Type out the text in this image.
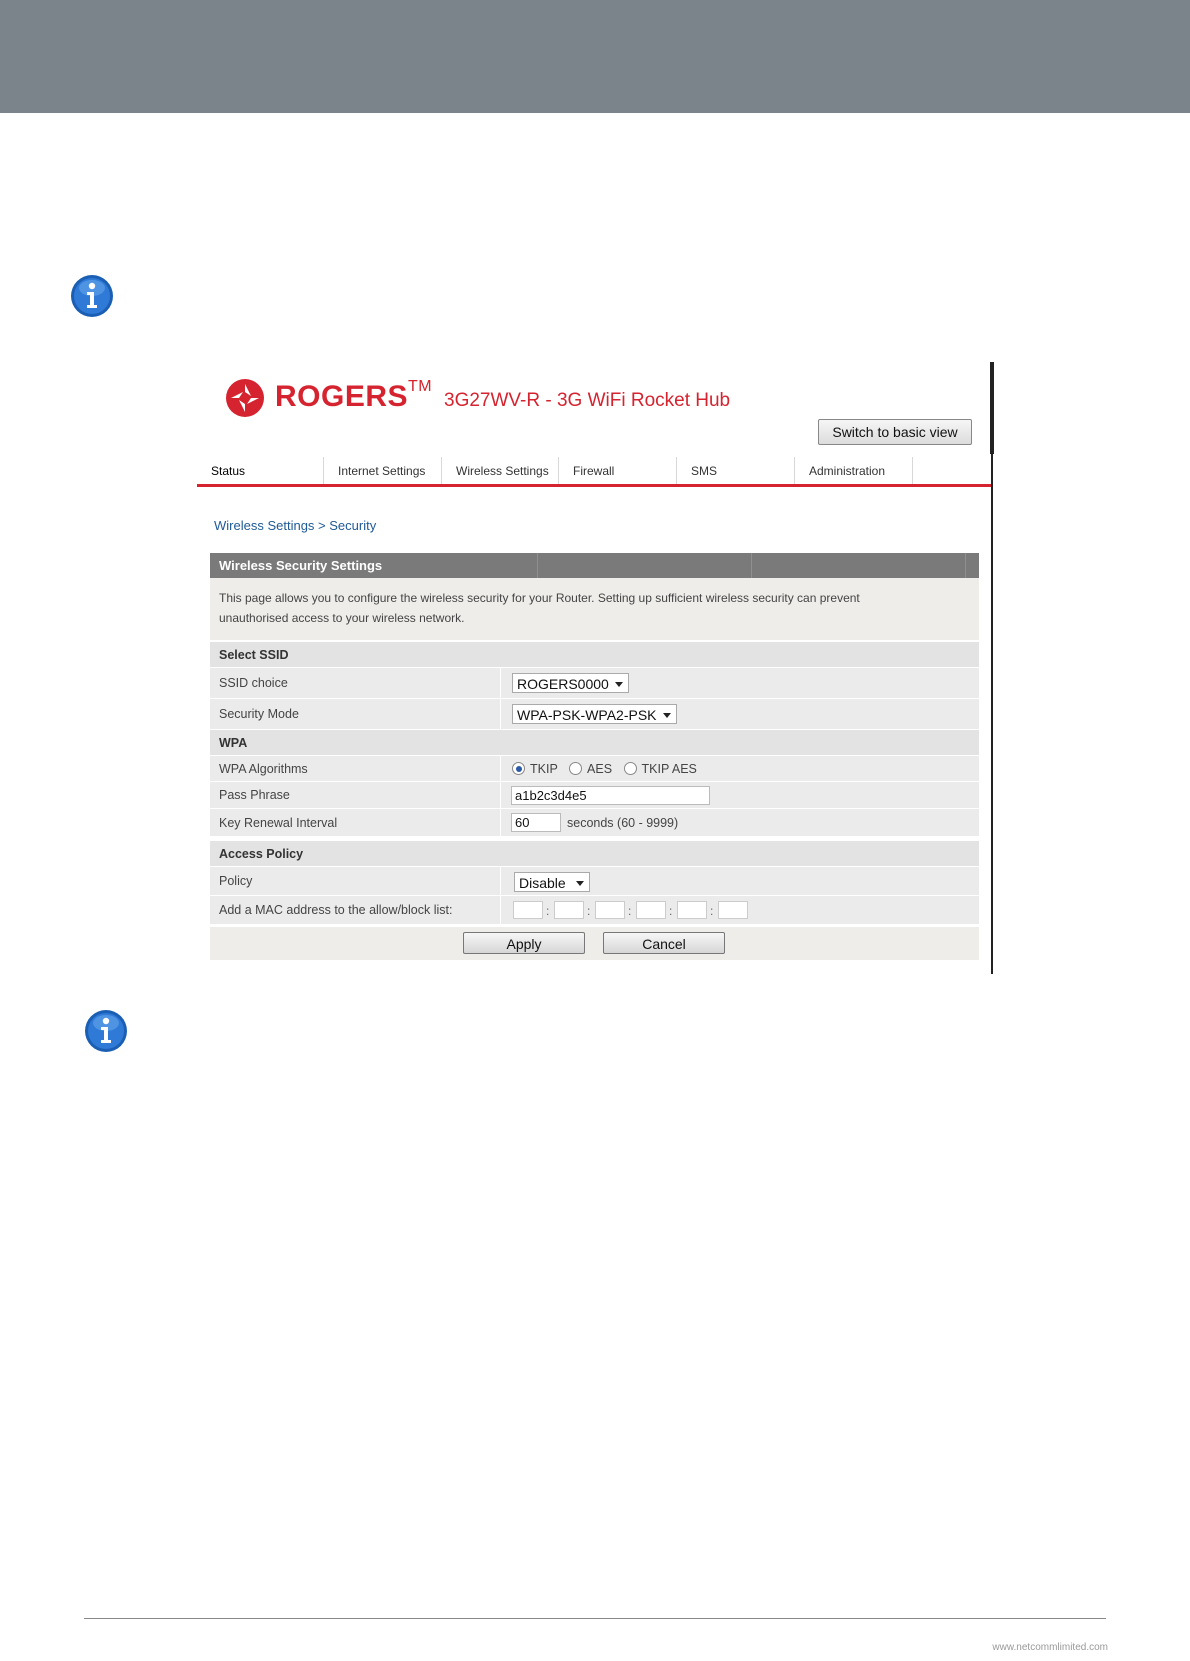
ROGERS™
3G27WV-R - 3G WiFi Rocket Hub
Switch to basic view
Status	Internet Settings	Wireless Settings	Firewall	SMS	Administration
Wireless Settings > Security
Wireless Security Settings
This page allows you to configure the wireless security for your Router. Setting up sufficient wireless security can prevent
unauthorised access to your wireless network.
Select SSID
SSID choice	ROGERS0000
Security Mode	WPA-PSK-WPA2-PSK
WPA
WPA Algorithms	TKIP AES TKIP AES
Pass Phrase	a1b2c3d4e5
Key Renewal Interval	60	seconds (60 - 9999)
Access Policy
Policy	Disable
Add a MAC address to the allow/block list:	:	:	:	:	:
Apply	Cancel
www.netcommlimited.com
